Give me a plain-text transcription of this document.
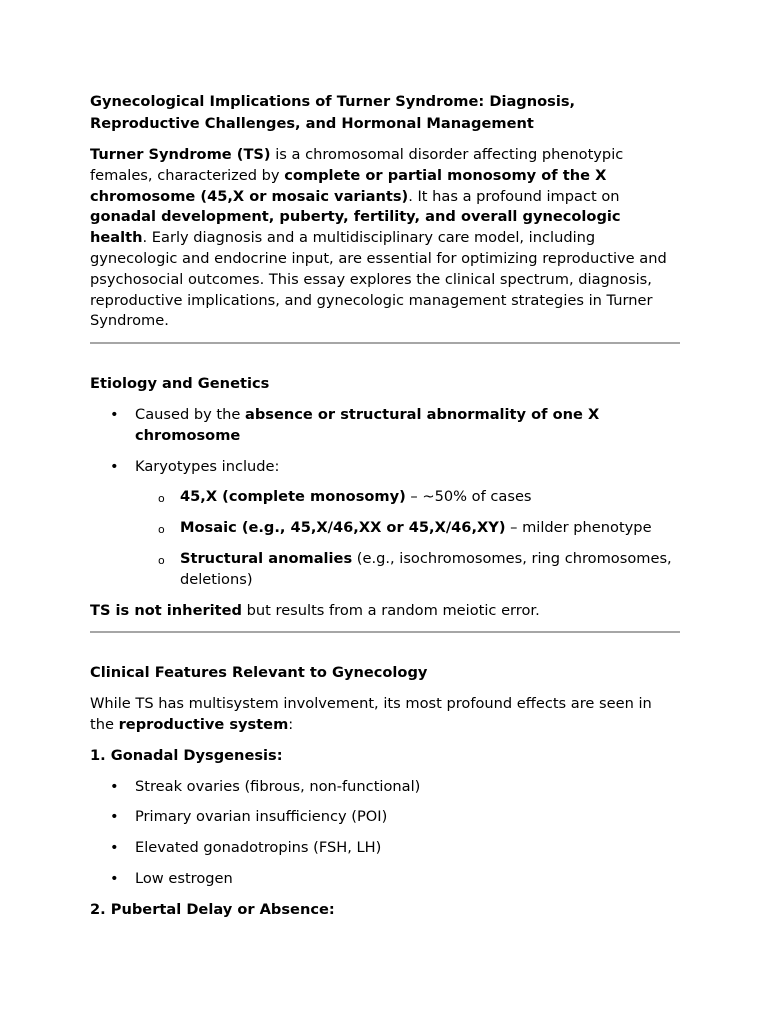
Gynecological Implications of Turner Syndrome: Diagnosis, Reproductive Challenges, and Hormonal Management

Turner Syndrome (TS) is a chromosomal disorder affecting phenotypic females, characterized by complete or partial monosomy of the X chromosome (45,X or mosaic variants). It has a profound impact on gonadal development, puberty, fertility, and overall gynecologic health. Early diagnosis and a multidisciplinary care model, including gynecologic and endocrine input, are essential for optimizing reproductive and psychosocial outcomes. This essay explores the clinical spectrum, diagnosis, reproductive implications, and gynecologic management strategies in Turner Syndrome.

Etiology and Genetics

• Caused by the absence or structural abnormality of one X chromosome
• Karyotypes include:
o 45,X (complete monosomy) – ~50% of cases
o Mosaic (e.g., 45,X/46,XX or 45,X/46,XY) – milder phenotype
o Structural anomalies (e.g., isochromosomes, ring chromosomes, deletions)

TS is not inherited but results from a random meiotic error.

Clinical Features Relevant to Gynecology

While TS has multisystem involvement, its most profound effects are seen in the reproductive system:

1. Gonadal Dysgenesis:

• Streak ovaries (fibrous, non-functional)
• Primary ovarian insufficiency (POI)
• Elevated gonadotropins (FSH, LH)
• Low estrogen

2. Pubertal Delay or Absence:
